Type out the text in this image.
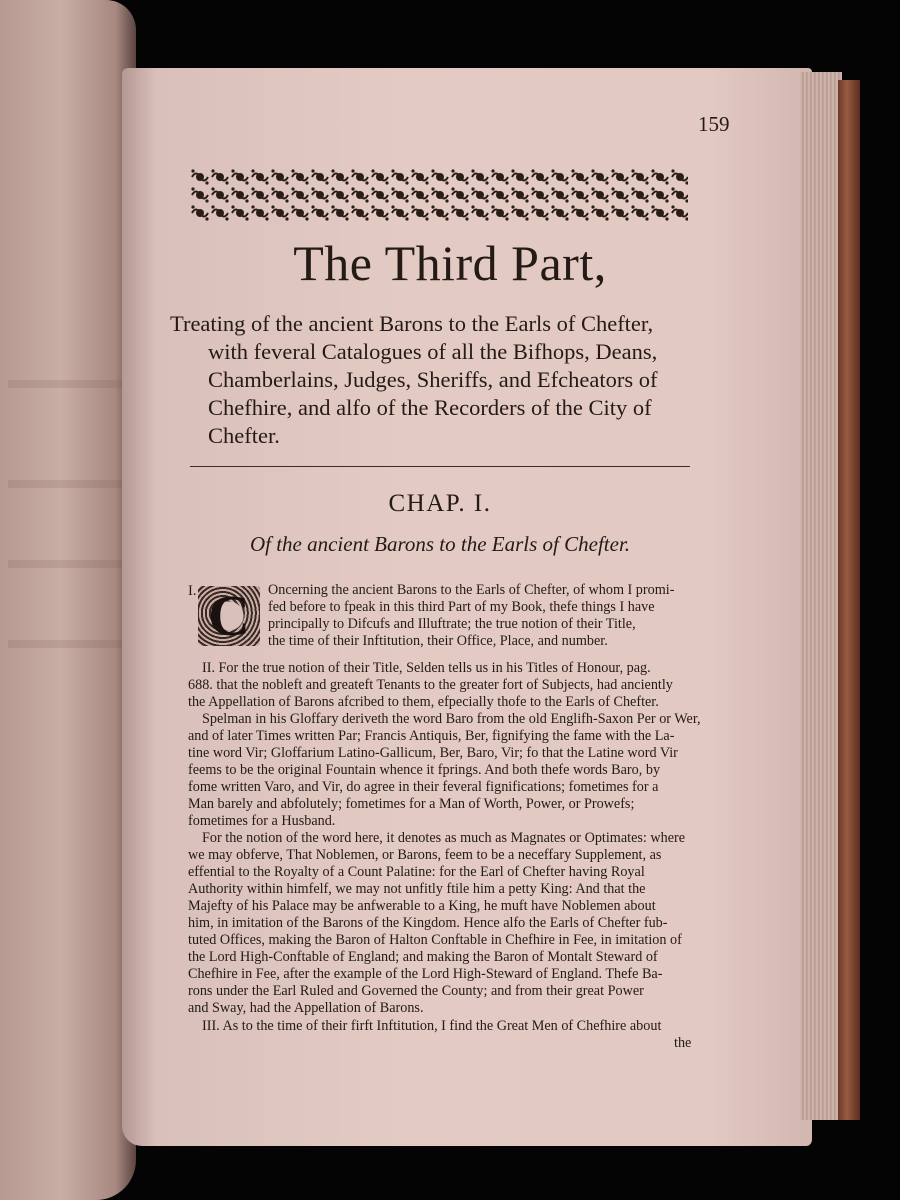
159
The Third Part,
Treating of the ancient Barons to the Earls of Chefter,
with feveral Catalogues of all the Bifhops, Deans,
Chamberlains, Judges, Sheriffs, and Efcheators of
Chefhire, and alfo of the Recorders of the City of
Chefter.
CHAP. I.
Of the ancient Barons to the Earls of Chefter.
I. C	Oncerning the ancient Barons to the Earls of Chefter, of whom I promi-
fed before to fpeak in this third Part of my Book, thefe things I have
principally to Difcufs and Illuftrate; the true notion of their Title,
the time of their Inftitution, their Office, Place, and number.
II. For the true notion of their Title, Selden tells us in his Titles of Honour, pag.
688. that the nobleft and greateft Tenants to the greater fort of Subjects, had anciently
the Appellation of Barons afcribed to them, efpecially thofe to the Earls of Chefter.
Spelman in his Gloffary deriveth the word Baro from the old Englifh-Saxon Per or Wer,
and of later Times written Par; Francis Antiquis, Ber, fignifying the fame with the La-
tine word Vir; Gloffarium Latino-Gallicum, Ber, Baro, Vir; fo that the Latine word Vir
feems to be the original Fountain whence it fprings. And both thefe words Baro, by
fome written Varo, and Vir, do agree in their feveral fignifications; fometimes for a
Man barely and abfolutely; fometimes for a Man of Worth, Power, or Prowefs;
fometimes for a Husband.
For the notion of the word here, it denotes as much as Magnates or Optimates: where
we may obferve, That Noblemen, or Barons, feem to be a neceffary Supplement, as
effential to the Royalty of a Count Palatine: for the Earl of Chefter having Royal
Authority within himfelf, we may not unfitly ftile him a petty King: And that the
Majefty of his Palace may be anfwerable to a King, he muft have Noblemen about
him, in imitation of the Barons of the Kingdom. Hence alfo the Earls of Chefter fub-
tuted Offices, making the Baron of Halton Conftable in Chefhire in Fee, in imitation of
the Lord High-Conftable of England; and making the Baron of Montalt Steward of
Chefhire in Fee, after the example of the Lord High-Steward of England. Thefe Ba-
rons under the Earl Ruled and Governed the County; and from their great Power
and Sway, had the Appellation of Barons.
III. As to the time of their firft Inftitution, I find the Great Men of Chefhire about
the
